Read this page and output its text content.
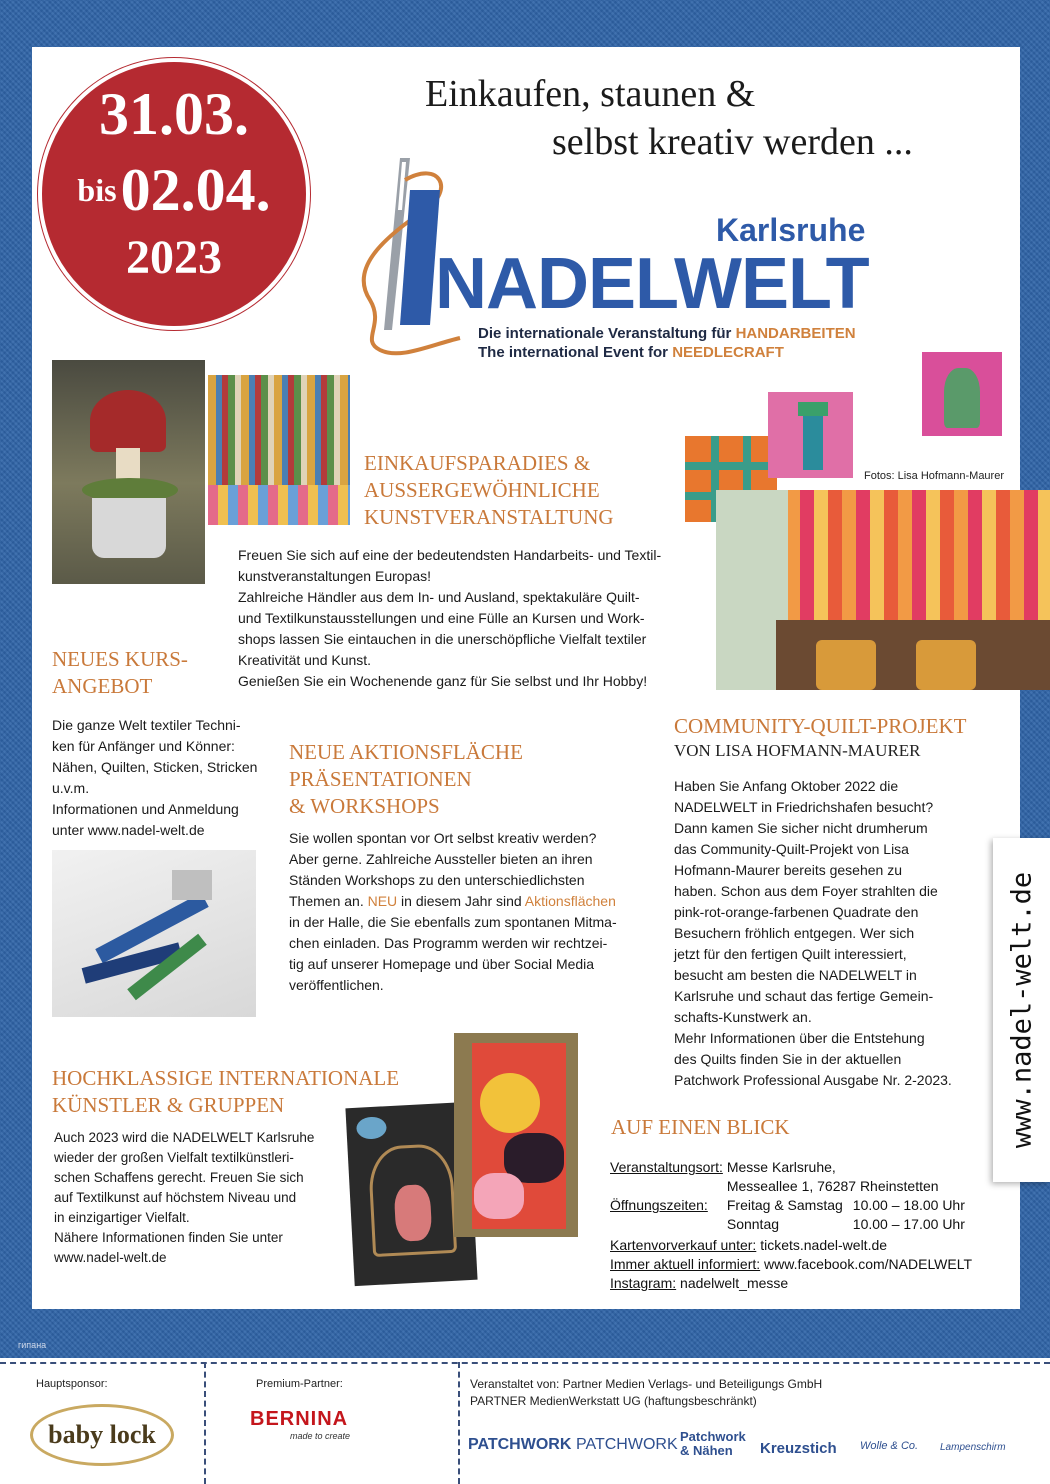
31.03.
bis 02.04.
2023
Einkaufen, staunen &
selbst kreativ werden ...
Karlsruhe
NADELWELT
Die internationale Veranstaltung für HANDARBEITEN
The international Event for NEEDLECRAFT
Fotos: Lisa Hofmann-Maurer
EINKAUFSPARADIES &
AUSSERGEWÖHNLICHE
KUNSTVERANSTALTUNG
Freuen Sie sich auf eine der bedeutendsten Handarbeits- und Textil-
kunstveranstaltungen Europas!
Zahlreiche Händler aus dem In- und Ausland, spektakuläre Quilt-
und Textilkunstausstellungen und eine Fülle an Kursen und Work-
shops lassen Sie eintauchen in die unerschöpfliche Vielfalt textiler
Kreativität und Kunst.
Genießen Sie ein Wochenende ganz für Sie selbst und Ihr Hobby!
NEUES KURS-
ANGEBOT
Die ganze Welt textiler Techni-
ken für Anfänger und Könner:
Nähen, Quilten, Sticken, Stricken
u.v.m.
Informationen und Anmeldung
unter www.nadel-welt.de
NEUE AKTIONSFLÄCHE
PRÄSENTATIONEN
& WORKSHOPS
Sie wollen spontan vor Ort selbst kreativ werden?
Aber gerne. Zahlreiche Aussteller bieten an ihren
Ständen Workshops zu den unterschiedlichsten
Themen an. NEU in diesem Jahr sind Aktionsflächen
in der Halle, die Sie ebenfalls zum spontanen Mitma-
chen einladen. Das Programm werden wir rechtzei-
tig auf unserer Homepage und über Social Media
veröffentlichen.
COMMUNITY-QUILT-PROJEKT
VON LISA HOFMANN-MAURER
Haben Sie Anfang Oktober 2022 die
NADELWELT in Friedrichshafen besucht?
Dann kamen Sie sicher nicht drumherum
das Community-Quilt-Projekt von Lisa
Hofmann-Maurer bereits gesehen zu
haben. Schon aus dem Foyer strahlten die
pink-rot-orange-farbenen Quadrate den
Besuchern fröhlich entgegen. Wer sich
jetzt für den fertigen Quilt interessiert,
besucht am besten die NADELWELT in
Karlsruhe und schaut das fertige Gemein-
schafts-Kunstwerk an.
Mehr Informationen über die Entstehung
des Quilts finden Sie in der aktuellen
Patchwork Professional Ausgabe Nr. 2-2023.
HOCHKLASSIGE INTERNATIONALE
KÜNSTLER & GRUPPEN
Auch 2023 wird die NADELWELT Karlsruhe
wieder der großen Vielfalt textilkünstleri-
schen Schaffens gerecht. Freuen Sie sich
auf Textilkunst auf höchstem Niveau und
in einzigartiger Vielfalt.
Nähere Informationen finden Sie unter
www.nadel-welt.de
AUF EINEN BLICK
Veranstaltungsort:	Messe Karlsruhe,	
	Messeallee 1, 76287 Rheinstetten	
Öffnungszeiten:	Freitag & Samstag	10.00 – 18.00 Uhr
	Sonntag	10.00 – 17.00 Uhr
Kartenvorverkauf unter: tickets.nadel-welt.de
Immer aktuell informiert: www.facebook.com/NADELWELT
Instagram: nadelwelt_messe
www.nadel-welt.de
гипана
Hauptsponsor:
baby lock
Premium-Partner:
BERNINA
made to create
Veranstaltet von: Partner Medien Verlags- und Beteiligungs GmbH
PARTNER MedienWerkstatt UG (haftungsbeschränkt)
PATCHWORK PATCHWORK Patchwork & Nähen	Kreuzstich Wolle & Co. Lampenschirm
